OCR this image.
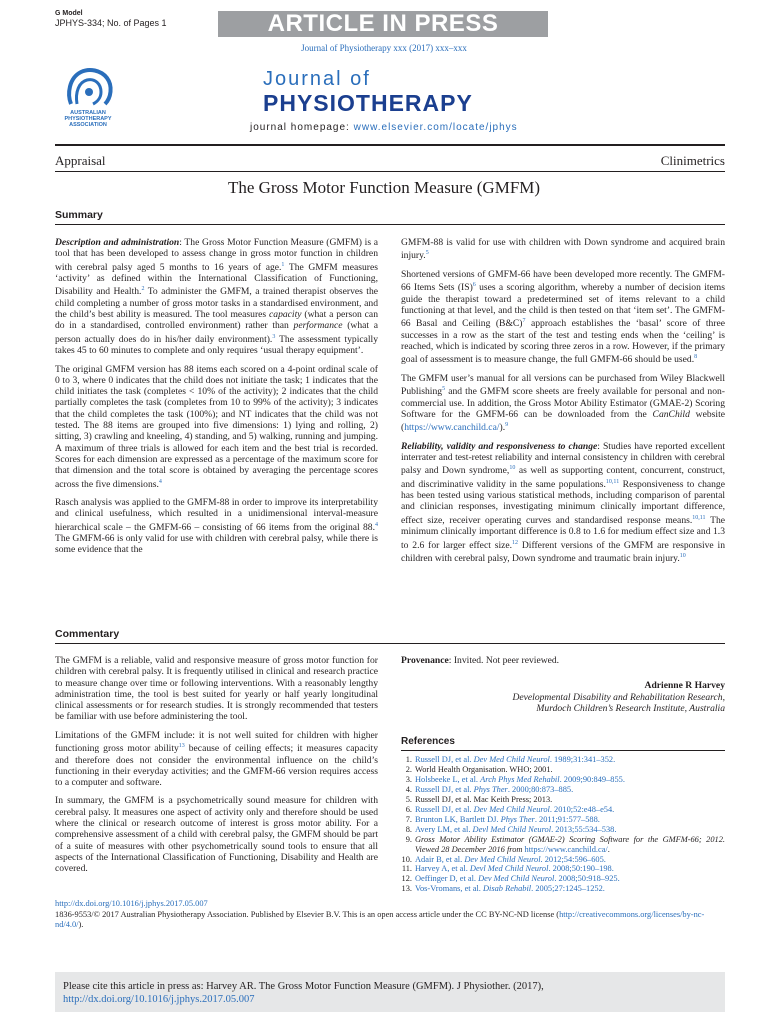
G Model
JPHYS-334; No. of Pages 1	ARTICLE IN PRESS
Journal of Physiotherapy xxx (2017) xxx–xxx
AUSTRALIAN
PHYSIOTHERAPY
ASSOCIATION
Journal of
PHYSIOTHERAPY
journal homepage: www.elsevier.com/locate/jphys
Appraisal	Clinimetrics
The Gross Motor Function Measure (GMFM)
Summary

Description and administration: The Gross Motor Function Measure (GMFM) is a tool that has been developed to assess change in gross motor function in children with cerebral palsy aged 5 months to 16 years of age.$^1$ The GMFM measures ‘activity’ as defined within the International Classification of Functioning, Disability and Health.$^2$ To administer the GMFM, a trained therapist observes the child completing a number of gross motor tasks in a standardised environment, and the child’s best ability is measured. The tool measures capacity (what a person can do in a standardised, controlled environment) rather than performance (what a person actually does do in his/her daily environment).$^3$ The assessment typically takes 45 to 60 minutes to complete and only requires ‘usual therapy equipment’.

The original GMFM version has 88 items each scored on a 4-point ordinal scale of 0 to 3, where 0 indicates that the child does not initiate the task; 1 indicates that the child initiates the task (completes < 10% of the activity); 2 indicates that the child partially completes the task (completes from 10 to 99% of the activity); 3 indicates that the child completes the task (100%); and NT indicates that the child was not tested. The 88 items are grouped into five dimensions: 1) lying and rolling, 2) sitting, 3) crawling and kneeling, 4) standing, and 5) walking, running and jumping. A maximum of three trials is allowed for each item and the best trial is recorded. Scores for each dimension are expressed as a percentage of the maximum score for that dimension and the total score is obtained by averaging the percentage scores across the five dimensions.$^4$

Rasch analysis was applied to the GMFM-88 in order to improve its interpretability and clinical usefulness, which resulted in a unidimensional interval-measure hierarchical scale – the GMFM-66 – consisting of 66 items from the original 88.$^4$ The GMFM-66 is only valid for use with children with cerebral palsy, while there is some evidence that the

GMFM-88 is valid for use with children with Down syndrome and acquired brain injury.$^5$

Shortened versions of GMFM-66 have been developed more recently. The GMFM-66 Items Sets (IS)$^6$ uses a scoring algorithm, whereby a number of decision items guide the therapist toward a predetermined set of items relevant to a child functioning at that level, and the child is then tested on that ‘item set’. The GMFM- 66 Basal and Ceiling (B&C)$^7$ approach establishes the ‘basal’ score of three successes in a row as the start of the test and testing ends when the ‘ceiling’ is reached, which is indicated by scoring three zeros in a row. However, if the primary goal of assessment is to measure change, the full GMFM-66 should be used.$^8$

The GMFM user’s manual for all versions can be purchased from Wiley Blackwell Publishing$^5$ and the GMFM score sheets are freely available for personal and non-commercial use. In addition, the Gross Motor Ability Estimator (GMAE-2) Scoring Software for the GMFM-66 can be downloaded from the CanChild website (https://www.canchild.ca/).$^9$

Reliability, validity and responsiveness to change: Studies have reported excellent interrater and test-retest reliability and internal consistency in children with cerebral palsy and Down syndrome,$^{10}$ as well as supporting content, concurrent, construct, and discriminative validity in the same populations.$^{10,11}$ Responsiveness to change has been tested using various statistical methods, including comparison of parental and clinician responses, investigating minimum clinically important difference, effect size, receiver operating curves and standardised response means.$^{10,11}$ The minimum clinically important difference is 0.8 to 1.6 for medium effect size and 1.3 to 2.6 for larger effect size.$^{12}$ Different versions of the GMFM are responsive in children with cerebral palsy, Down syndrome and traumatic brain injury.$^{10}$

Commentary

The GMFM is a reliable, valid and responsive measure of gross motor function for children with cerebral palsy. It is frequently utilised in clinical and research practice to measure change over time or following interventions. With a reasonably lengthy administration time, the tool is best suited for yearly or half yearly longitudinal clinical assessments or for research studies. It is strongly recommended that testers be familiar with use before administering the tool.

Limitations of the GMFM include: it is not well suited for children with higher functioning gross motor ability$^{13}$ because of ceiling effects; it measures capacity and therefore does not consider the environmental influence on the child’s functioning in their everyday activities; and the GMFM-66 version requires access to a computer and software.

In summary, the GMFM is a psychometrically sound measure for children with cerebral palsy. It measures one aspect of activity only and therefore should be used where the clinical or research outcome of interest is gross motor ability. For a comprehensive assessment of a child with cerebral palsy, the GMFM should be part of a suite of measures with other psychometrically sound tools to ensure that all aspects of the International Classification of Functioning, Disability and Health are covered.

Provenance: Invited. Not peer reviewed.

Adrienne R Harvey
Developmental Disability and Rehabilitation Research,
Murdoch Children’s Research Institute, Australia
References
1. Russell DJ, et al. Dev Med Child Neurol. 1989;31:341–352.
2. World Health Organisation. WHO; 2001.
3. Holsbeeke L, et al. Arch Phys Med Rehabil. 2009;90:849–855.
4. Russell DJ, et al. Phys Ther. 2000;80:873–885.
5. Russell DJ, et al. Mac Keith Press; 2013.
6. Russell DJ, et al. Dev Med Child Neurol. 2010;52:e48–e54.
7. Brunton LK, Bartlett DJ. Phys Ther. 2011;91:577–588.
8. Avery LM, et al. Devl Med Child Neurol. 2013;55:534–538.
9. Gross Motor Ability Estimator (GMAE-2) Scoring Software for the GMFM-66; 2012. Viewed 28 December 2016 from https://www.canchild.ca/.
10. Adair B, et al. Dev Med Child Neurol. 2012;54:596–605.
11. Harvey A, et al. Devl Med Child Neurol. 2008;50:190–198.
12. Oeffinger D, et al. Dev Med Child Neurol. 2008;50:918–925.
13. Vos-Vromans, et al. Disab Rehabil. 2005;27:1245–1252.
http://dx.doi.org/10.1016/j.jphys.2017.05.007
1836-9553/© 2017 Australian Physiotherapy Association. Published by Elsevier B.V. This is an open access article under the CC BY-NC-ND license (http://creativecommons.org/licenses/by-nc-nd/4.0/).
Please cite this article in press as: Harvey AR. The Gross Motor Function Measure (GMFM). J Physiother. (2017), http://dx.doi.org/10.1016/j.jphys.2017.05.007
